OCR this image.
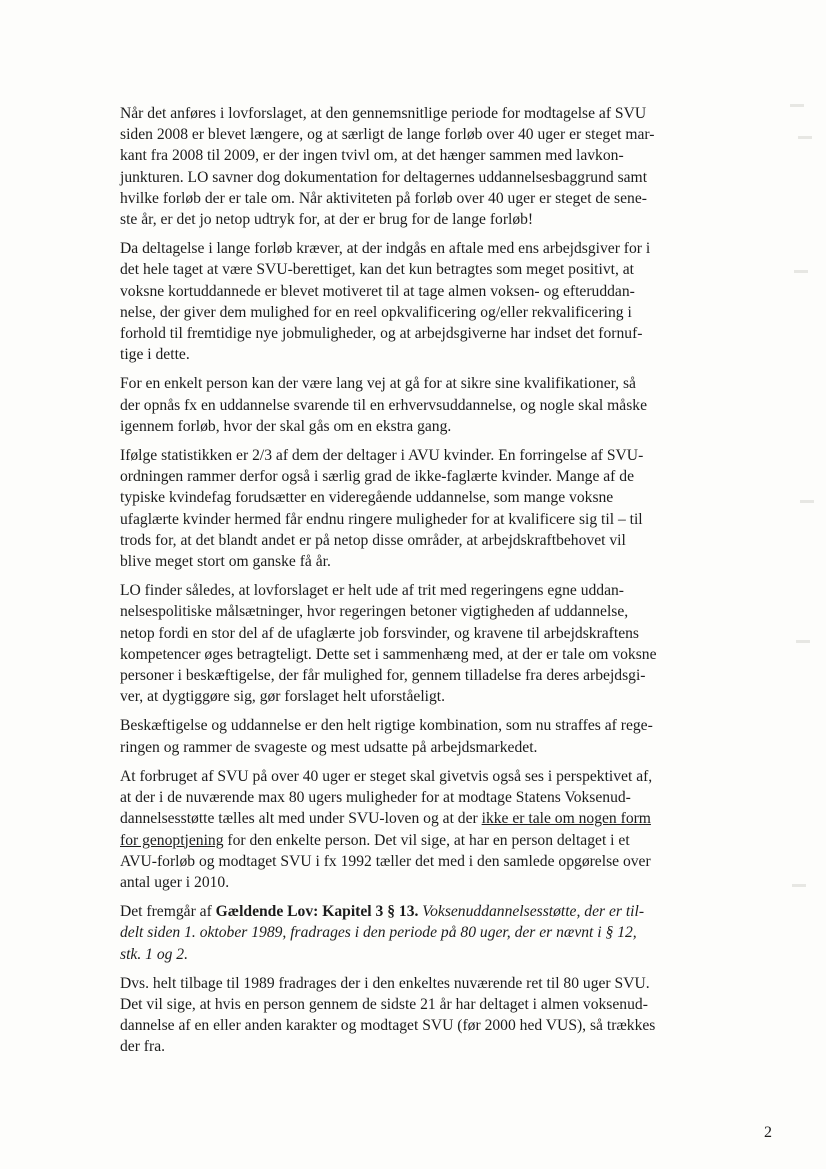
Når det anføres i lovforslaget, at den gennemsnitlige periode for modtagelse af SVU
siden 2008 er blevet længere, og at særligt de lange forløb over 40 uger er steget mar-
kant fra 2008 til 2009, er der ingen tvivl om, at det hænger sammen med lavkon-
junkturen. LO savner dog dokumentation for deltagernes uddannelsesbaggrund samt
hvilke forløb der er tale om. Når aktiviteten på forløb over 40 uger er steget de sene-
ste år, er det jo netop udtryk for, at der er brug for de lange forløb!

Da deltagelse i lange forløb kræver, at der indgås en aftale med ens arbejdsgiver for i
det hele taget at være SVU-berettiget, kan det kun betragtes som meget positivt, at
voksne kortuddannede er blevet motiveret til at tage almen voksen- og efteruddan-
nelse, der giver dem mulighed for en reel opkvalificering og/eller rekvalificering i
forhold til fremtidige nye jobmuligheder, og at arbejdsgiverne har indset det fornuf-
tige i dette.

For en enkelt person kan der være lang vej at gå for at sikre sine kvalifikationer, så
der opnås fx en uddannelse svarende til en erhvervsuddannelse, og nogle skal måske
igennem forløb, hvor der skal gås om en ekstra gang.

Ifølge statistikken er 2/3 af dem der deltager i AVU kvinder. En forringelse af SVU-
ordningen rammer derfor også i særlig grad de ikke-faglærte kvinder. Mange af de
typiske kvindefag forudsætter en videregående uddannelse, som mange voksne
ufaglærte kvinder hermed får endnu ringere muligheder for at kvalificere sig til – til
trods for, at det blandt andet er på netop disse områder, at arbejdskraftbehovet vil
blive meget stort om ganske få år.

LO finder således, at lovforslaget er helt ude af trit med regeringens egne uddan-
nelsespolitiske målsætninger, hvor regeringen betoner vigtigheden af uddannelse,
netop fordi en stor del af de ufaglærte job forsvinder, og kravene til arbejdskraftens
kompetencer øges betragteligt. Dette set i sammenhæng med, at der er tale om voksne
personer i beskæftigelse, der får mulighed for, gennem tilladelse fra deres arbejdsgi-
ver, at dygtiggøre sig, gør forslaget helt uforståeligt.

Beskæftigelse og uddannelse er den helt rigtige kombination, som nu straffes af rege-
ringen og rammer de svageste og mest udsatte på arbejdsmarkedet.

At forbruget af SVU på over 40 uger er steget skal givetvis også ses i perspektivet af,
at der i de nuværende max 80 ugers muligheder for at modtage Statens Voksenud-
dannelsesstøtte tælles alt med under SVU-loven og at der ikke er tale om nogen form
for genoptjening for den enkelte person. Det vil sige, at har en person deltaget i et
AVU-forløb og modtaget SVU i fx 1992 tæller det med i den samlede opgørelse over
antal uger i 2010.

Det fremgår af Gældende Lov: Kapitel 3 § 13. Voksenuddannelsesstøtte, der er til-
delt siden 1. oktober 1989, fradrages i den periode på 80 uger, der er nævnt i § 12,
stk. 1 og 2.

Dvs. helt tilbage til 1989 fradrages der i den enkeltes nuværende ret til 80 uger SVU.
Det vil sige, at hvis en person gennem de sidste 21 år har deltaget i almen voksenud-
dannelse af en eller anden karakter og modtaget SVU (før 2000 hed VUS), så trækkes
der fra.

2
